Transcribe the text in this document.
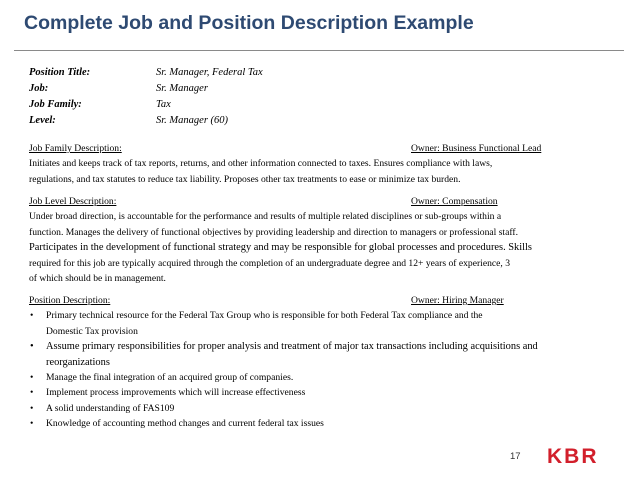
Complete Job and Position Description Example
Position Title:	Sr. Manager, Federal Tax
Job:	Sr. Manager
Job Family:	Tax
Level:	Sr. Manager (60)
Job Family Description:	Owner: Business Functional Lead
Initiates and keeps track of tax reports, returns, and other information connected to taxes. Ensures compliance with laws,
regulations, and tax statutes to reduce tax liability. Proposes other tax treatments to ease or minimize tax burden.
Job Level Description:	Owner: Compensation
Under broad direction, is accountable for the performance and results of multiple related disciplines or sub-groups within a
function. Manages the delivery of functional objectives by providing leadership and direction to managers or professional staff.
Participates in the development of functional strategy and may be responsible for global processes and procedures. Skills
required for this job are typically acquired through the completion of an undergraduate degree and 12+ years of experience, 3
of which should be in management.
Position Description:	Owner: Hiring Manager
• Primary technical resource for the Federal Tax Group who is responsible for both Federal Tax compliance and the
Domestic Tax provision
• Assume primary responsibilities for proper analysis and treatment of major tax transactions including acquisitions and
reorganizations
• Manage the final integration of an acquired group of companies.
• Implement process improvements which will increase effectiveness
• A solid understanding of FAS109
• Knowledge of accounting method changes and current federal tax issues
17 KBR
